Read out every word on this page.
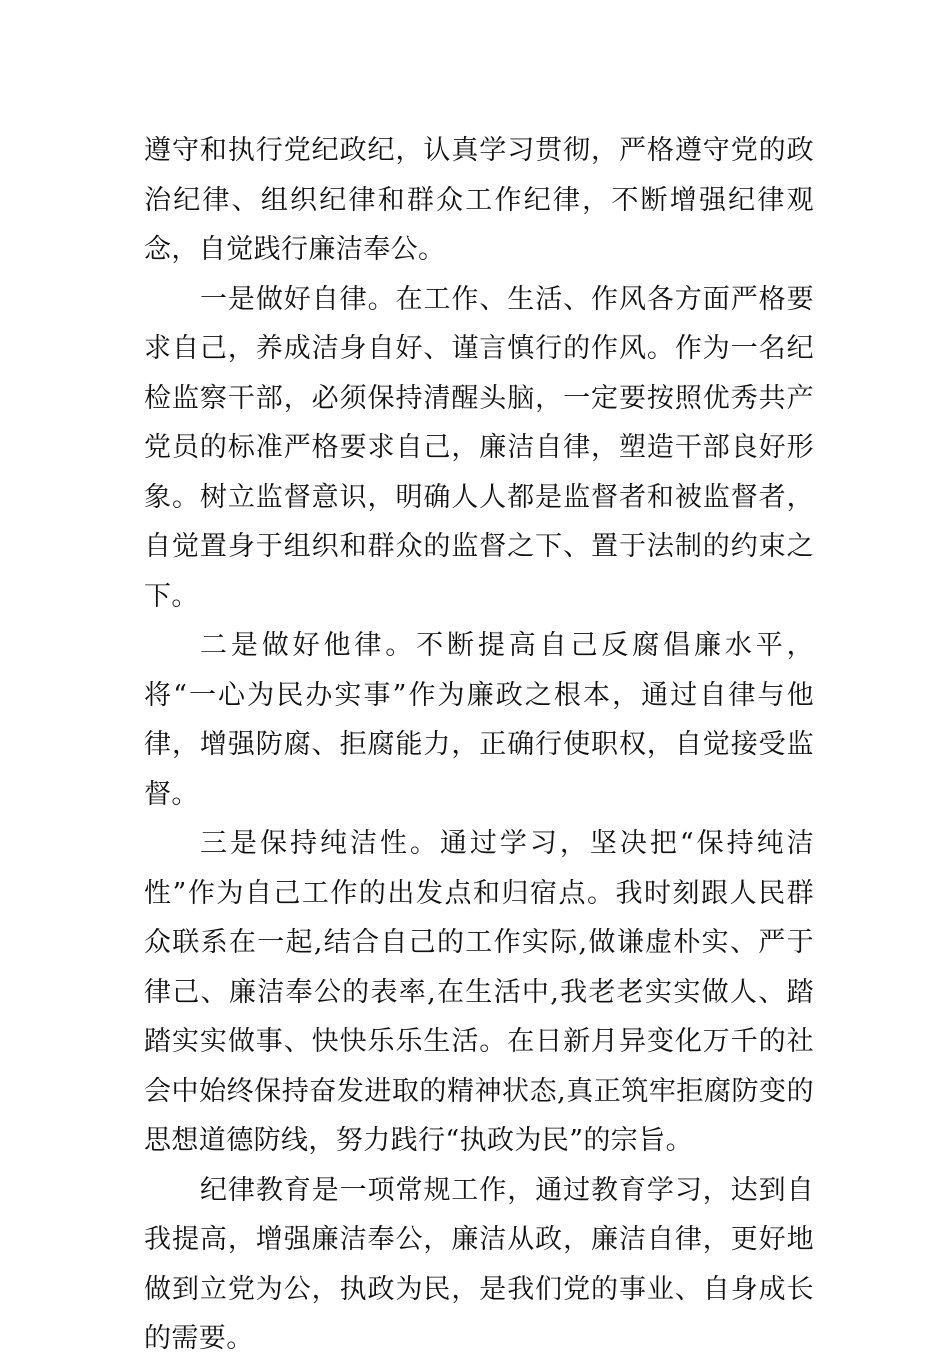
遵守和执行党纪政纪，认真学习贯彻，严格遵守党的政治纪律、组织纪律和群众工作纪律，不断增强纪律观念，自觉践行廉洁奉公。

一是做好自律。在工作、生活、作风各方面严格要求自己，养成洁身自好、谨言慎行的作风。作为一名纪检监察干部，必须保持清醒头脑，一定要按照优秀共产党员的标准严格要求自己，廉洁自律，塑造干部良好形象。树立监督意识，明确人人都是监督者和被监督者，自觉置身于组织和群众的监督之下、置于法制的约束之下。

二是做好他律。不断提高自己反腐倡廉水平，将“一心为民办实事”作为廉政之根本，通过自律与他律，增强防腐、拒腐能力，正确行使职权，自觉接受监督。

三是保持纯洁性。通过学习，坚决把“保持纯洁性”作为自己工作的出发点和归宿点。我时刻跟人民群众联系在一起,结合自己的工作实际,做谦虚朴实、严于律己、廉洁奉公的表率,在生活中,我老老实实做人、踏踏实实做事、快快乐乐生活。在日新月异变化万千的社会中始终保持奋发进取的精神状态,真正筑牢拒腐防变的思想道德防线，努力践行“执政为民”的宗旨。

纪律教育是一项常规工作，通过教育学习，达到自我提高，增强廉洁奉公，廉洁从政，廉洁自律，更好地做到立党为公，执政为民，是我们党的事业、自身成长的需要。
